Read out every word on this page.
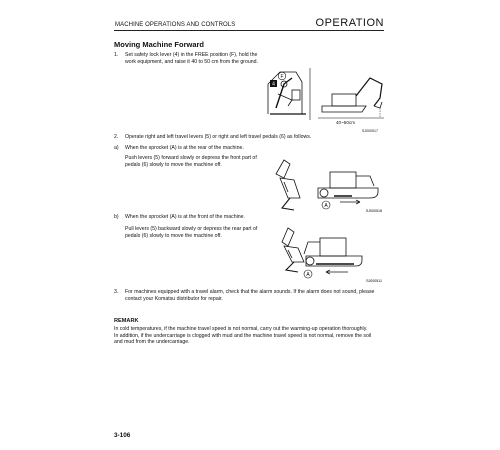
MACHINE OPERATIONS AND CONTROLS	OPERATION
Moving Machine Forward
1. Set safety lock lever (4) in the FREE position (F), hold the
work equipment, and raise it 40 to 50 cm from the ground.
F
4
40~50cm
SJ000517
2. Operate right and left travel levers (5) or right and left travel pedals (6) as follows.
a) When the sprocket (A) is at the rear of the machine.
Push levers (5) forward slowly or depress the front part of
pedals (6) slowly to move the machine off.
A
SJ000518
b) When the sprocket (A) is at the front of the machine.
Pull levers (5) backward slowly or depress the rear part of
pedals (6) slowly to move the machine off.
A
SJ000511
3. For machines equipped with a travel alarm, check that the alarm sounds. If the alarm does not sound, please
contact your Komatsu distributor for repair.
REMARK
In cold temperatures, if the machine travel speed is not normal, carry out the warming-up operation thoroughly.
In addition, if the undercarriage is clogged with mud and the machine travel speed is not normal, remove the soil
and mud from the undercarriage.
3-106
